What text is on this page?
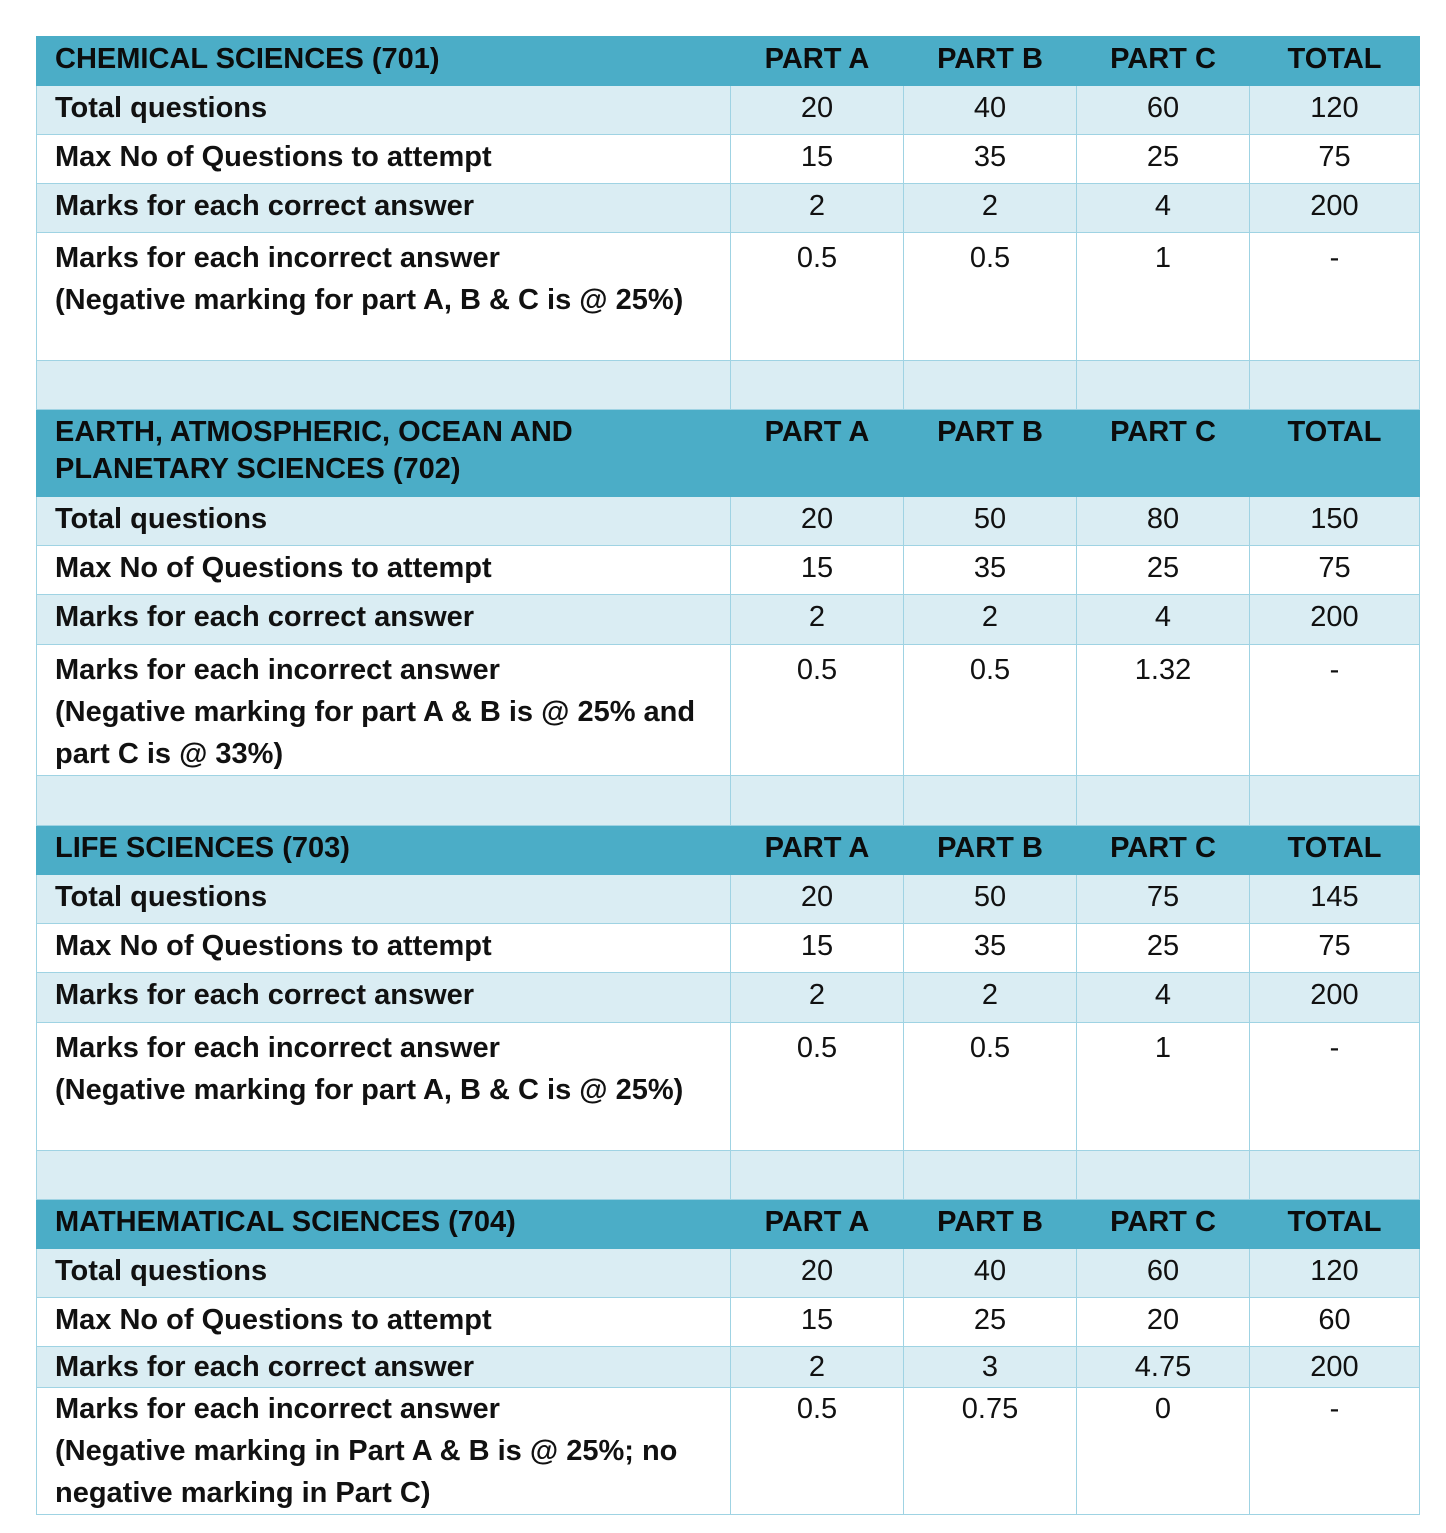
CHEMICAL SCIENCES (701)	PART A	PART B	PART C	TOTAL
Total questions	20	40	60	120
Max No of Questions to attempt	15	35	25	75
Marks for each correct answer	2	2	4	200
Marks for each incorrect answer
(Negative marking for part A, B & C is @ 25%)	0.5	0.5	1	-

EARTH, ATMOSPHERIC, OCEAN AND PLANETARY SCIENCES (702)	PART A	PART B	PART C	TOTAL
Total questions	20	50	80	150
Max No of Questions to attempt	15	35	25	75
Marks for each correct answer	2	2	4	200
Marks for each incorrect answer
(Negative marking for part A & B is @ 25% and part C is @ 33%)	0.5	0.5	1.32	-

LIFE SCIENCES (703)	PART A	PART B	PART C	TOTAL
Total questions	20	50	75	145
Max No of Questions to attempt	15	35	25	75
Marks for each correct answer	2	2	4	200
Marks for each incorrect answer
(Negative marking for part A, B & C is @ 25%)	0.5	0.5	1	-

MATHEMATICAL SCIENCES (704)	PART A	PART B	PART C	TOTAL
Total questions	20	40	60	120
Max No of Questions to attempt	15	25	20	60
Marks for each correct answer	2	3	4.75	200
Marks for each incorrect answer
(Negative marking in Part A & B is @ 25%; no negative marking in Part C)	0.5	0.75	0	-
